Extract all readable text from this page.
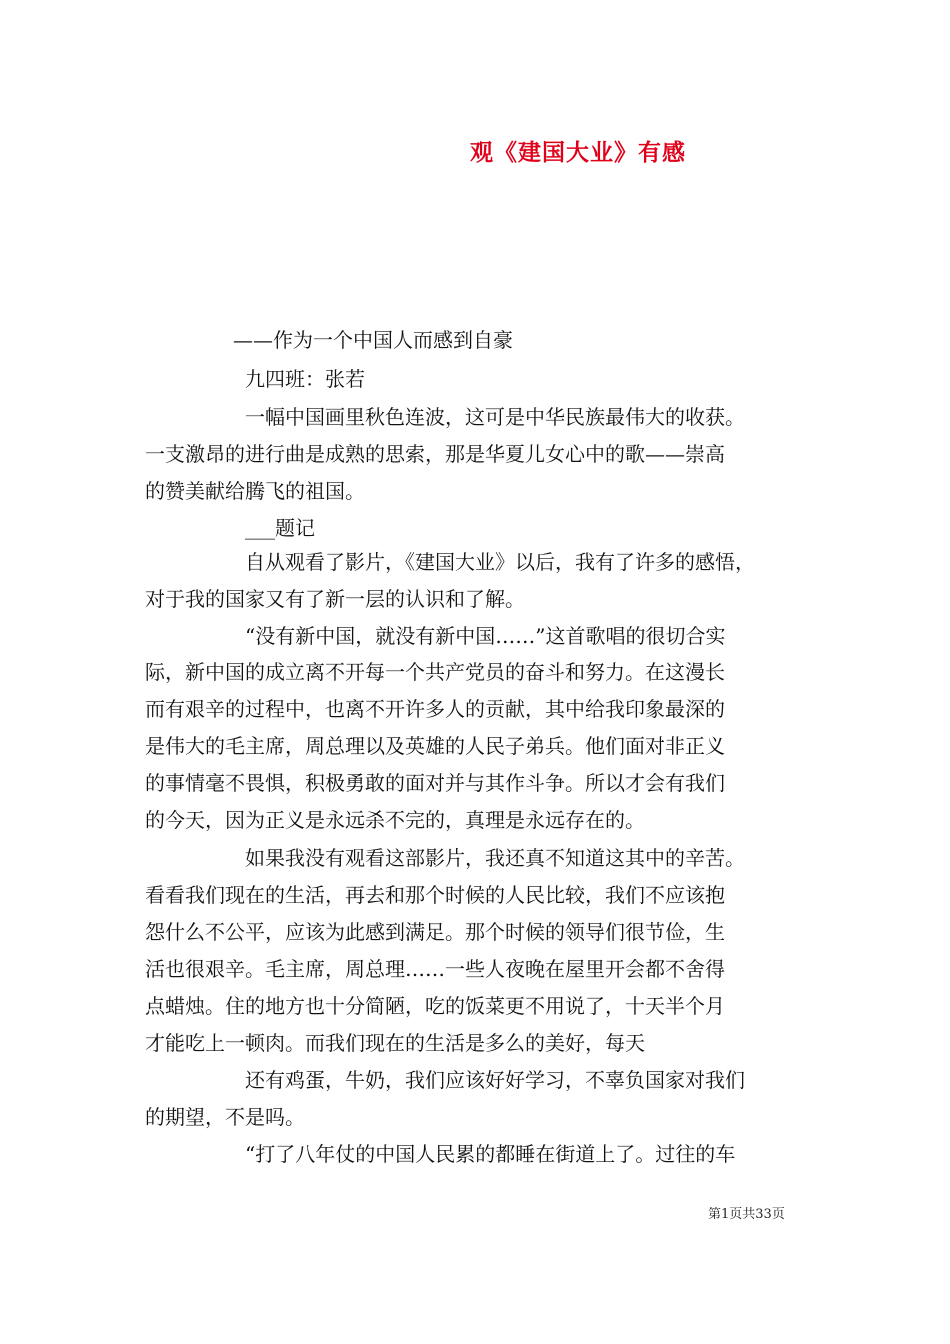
观《建国大业》有感
——作为一个中国人而感到自豪
九四班：张若
一幅中国画里秋色连波，这可是中华民族最伟大的收获。
一支激昂的进行曲是成熟的思索，那是华夏儿女心中的歌——崇高
的赞美献给腾飞的祖国。
___题记
自从观看了影片，《建国大业》以后，我有了许多的感悟，
对于我的国家又有了新一层的认识和了解。
“没有新中国，就没有新中国……”这首歌唱的很切合实
际，新中国的成立离不开每一个共产党员的奋斗和努力。在这漫长
而有艰辛的过程中，也离不开许多人的贡献，其中给我印象最深的
是伟大的毛主席，周总理以及英雄的人民子弟兵。他们面对非正义
的事情毫不畏惧，积极勇敢的面对并与其作斗争。所以才会有我们
的今天，因为正义是永远杀不完的，真理是永远存在的。
如果我没有观看这部影片，我还真不知道这其中的辛苦。
看看我们现在的生活，再去和那个时候的人民比较，我们不应该抱
怨什么不公平，应该为此感到满足。那个时候的领导们很节俭，生
活也很艰辛。毛主席，周总理……一些人夜晚在屋里开会都不舍得
点蜡烛。住的地方也十分简陋，吃的饭菜更不用说了，十天半个月
才能吃上一顿肉。而我们现在的生活是多么的美好，每天
还有鸡蛋，牛奶，我们应该好好学习，不辜负国家对我们
的期望，不是吗。
“打了八年仗的中国人民累的都睡在街道上了。过往的车
第1页共33页
